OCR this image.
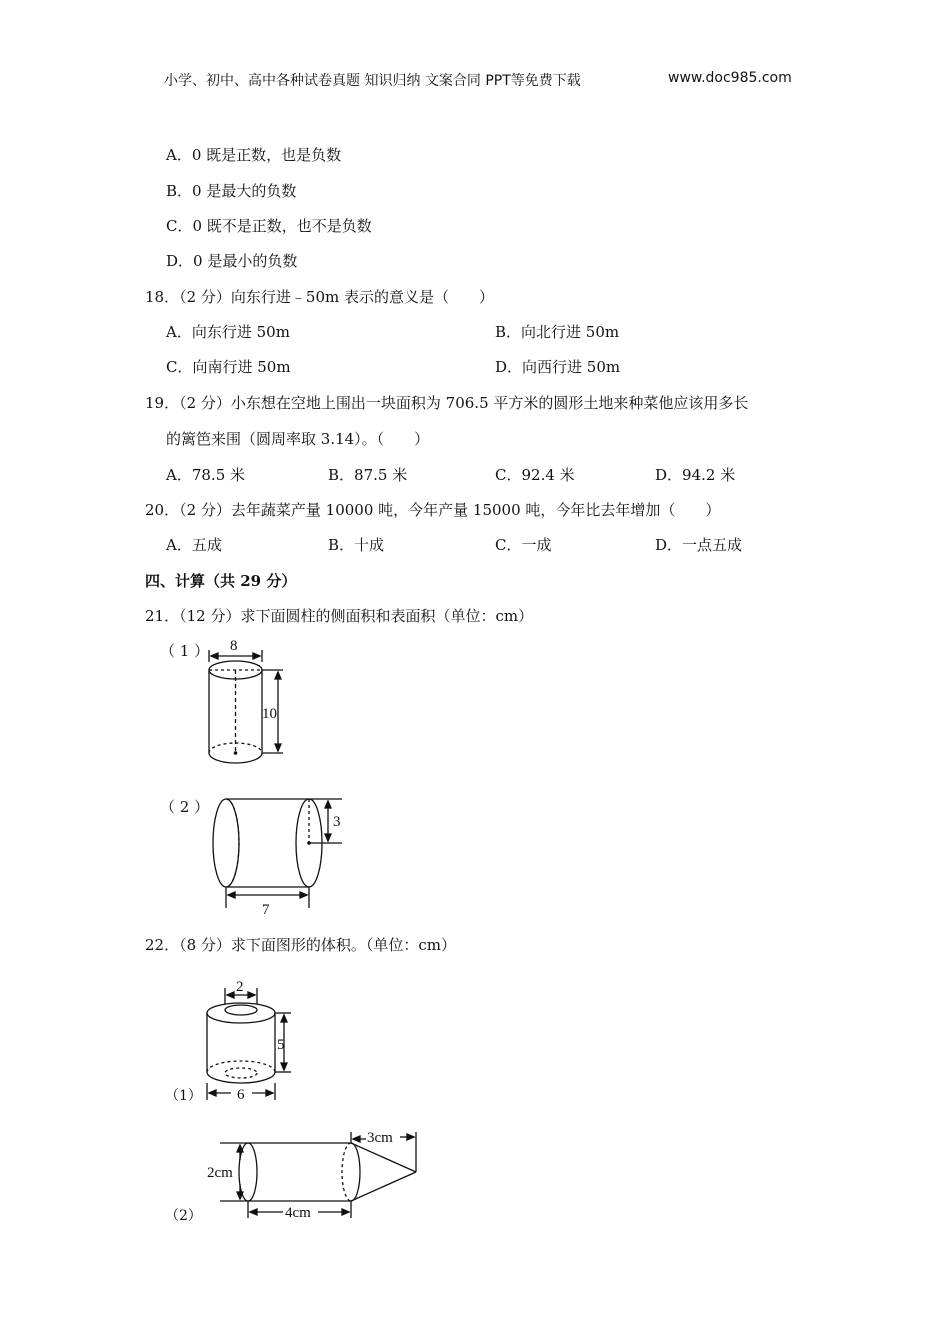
小学、初中、高中各种试卷真题 知识归纳 文案合同 PPT等免费下载	www.doc985.com
A．0 既是正数，也是负数
B．0 是最大的负数
C．0 既不是正数，也不是负数
D．0 是最小的负数
18．（2 分）向东行进﹣50m 表示的意义是（　　）
A．向东行进 50m	B．向北行进 50m
C．向南行进 50m	D．向西行进 50m
19．（2 分）小东想在空地上围出一块面积为 706.5 平方米的圆形土地来种菜他应该用多长
的篱笆来围（圆周率取 3.14）。（　　）
A．78.5 米	B．87.5 米	C．92.4 米	D．94.2 米
20．（2 分）去年蔬菜产量 10000 吨，今年产量 15000 吨，今年比去年增加（　　）
A．五成	B．十成	C．一成	D．一点五成
四、计算（共 29 分）
21．（12 分）求下面圆柱的侧面积和表面积（单位：cm）
（ 1 ） 8
10
（ 2 ）
3
7
22．（8 分）求下面图形的体积。（单位：cm）
2
5
6
（1）
3cm
2cm
4cm
（2）
